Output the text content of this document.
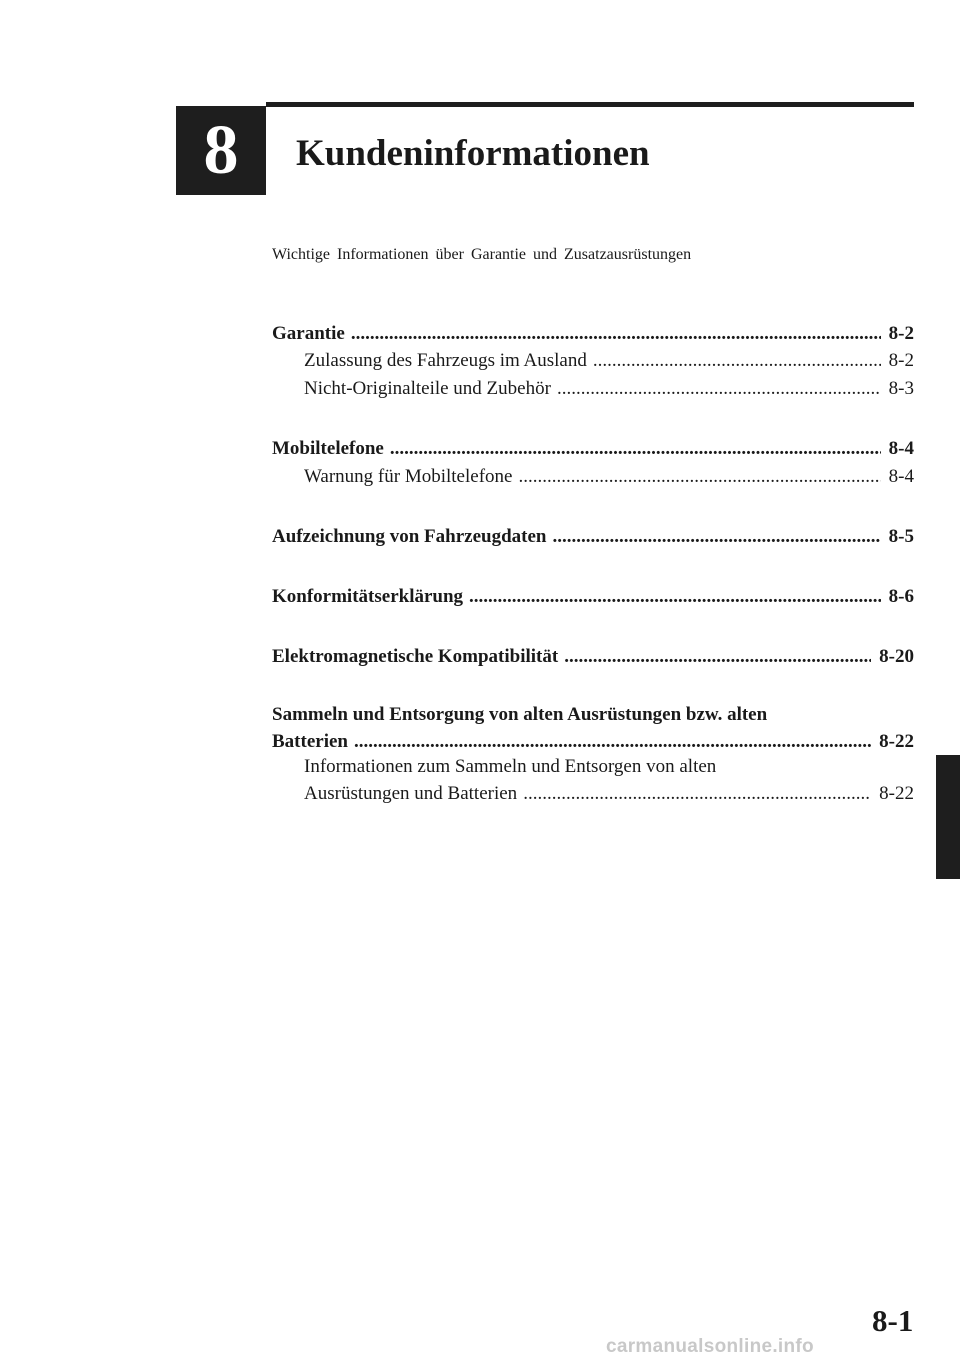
8 Kundeninformationen
Wichtige Informationen über Garantie und Zusatzausrüstungen
Garantie .....	8-2
Zulassung des Fahrzeugs im Ausland .....	8-2
Nicht-Originalteile und Zubehör .....	8-3
Mobiltelefone .....	8-4
Warnung für Mobiltelefone .....	8-4
Aufzeichnung von Fahrzeugdaten .....	8-5
Konformitätserklärung .....	8-6
Elektromagnetische Kompatibilität .....	8-20
Sammeln und Entsorgung von alten Ausrüstungen bzw. alten
Batterien .....	8-22
Informationen zum Sammeln und Entsorgen von alten
Ausrüstungen und Batterien .....	8-22
8-1
carmanualsonline.info
